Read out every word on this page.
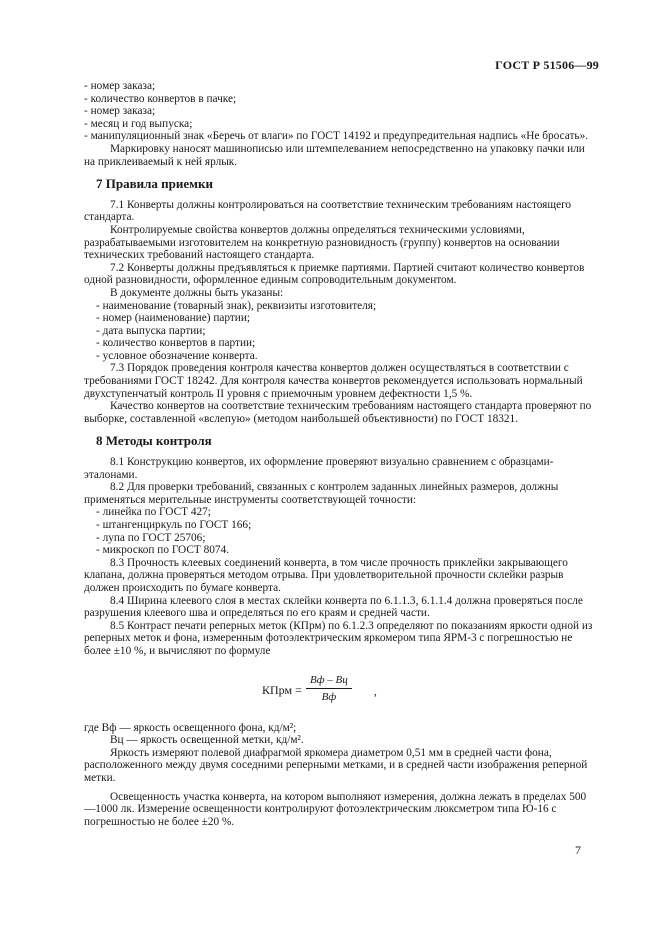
ГОСТ Р 51506—99

- номер заказа;

- количество конвертов в пачке;

- номер заказа;

- месяц и год выпуска;

- манипуляционный знак «Беречь от влаги» по ГОСТ 14192 и предупредительная надпись «Не бросать».

Маркировку наносят машинописью или штемпелеванием непосредственно на упаковку пачки или на приклеиваемый к ней ярлык.

7 Правила приемки

7.1 Конверты должны контролироваться на соответствие техническим требованиям настоящего стандарта.

Контролируемые свойства конвертов должны определяться техническими условиями, разрабатываемыми изготовителем на конкретную разновидность (группу) конвертов на основании технических требований настоящего стандарта.

7.2 Конверты должны предъявляться к приемке партиями. Партией считают количество конвертов одной разновидности, оформленное единым сопроводительным документом.

В документе должны быть указаны:

- наименование (товарный знак), реквизиты изготовителя;

- номер (наименование) партии;

- дата выпуска партии;

- количество конвертов в партии;

- условное обозначение конверта.

7.3 Порядок проведения контроля качества конвертов должен осуществляться в соответствии с требованиями ГОСТ 18242. Для контроля качества конвертов рекомендуется использовать нормальный двухступенчатый контроль II уровня с приемочным уровнем дефектности 1,5 %.

Качество конвертов на соответствие техническим требованиям настоящего стандарта проверяют по выборке, составленной «вслепую» (методом наибольшей объективности) по ГОСТ 18321.

8 Методы контроля

8.1 Конструкцию конвертов, их оформление проверяют визуально сравнением с образцами-эталонами.

8.2 Для проверки требований, связанных с контролем заданных линейных размеров, должны применяться мерительные инструменты соответствующей точности:

- линейка по ГОСТ 427;

- штангенциркуль по ГОСТ 166;

- лупа по ГОСТ 25706;

- микроскоп по ГОСТ 8074.

8.3 Прочность клеевых соединений конверта, в том числе прочность приклейки закрывающего клапана, должна проверяться методом отрыва. При удовлетворительной прочности склейки разрыв должен происходить по бумаге конверта.

8.4 Ширина клеевого слоя в местах склейки конверта по 6.1.1.3, 6.1.1.4 должна проверяться после разрушения клеевого шва и определяться по его краям и средней части.

8.5 Контраст печати реперных меток (КПрм) по 6.1.2.3 определяют по показаниям яркости одной из реперных меток и фона, измеренным фотоэлектрическим яркомером типа ЯРМ-3 с погрешностью не более ±10 %, и вычисляют по формуле

КПрм =
Bф – Bц
Bф	,

где Bф — яркость освещенного фона, кд/м²;

Bц — яркость освещенной метки, кд/м².

Яркость измеряют полевой диафрагмой яркомера диаметром 0,51 мм в средней части фона, расположенного между двумя соседними реперными метками, и в средней части изображения реперной метки.

Освещенность участка конверта, на котором выполняют измерения, должна лежать в пределах 500—1000 лк. Измерение освещенности контролируют фотоэлектрическим люксметром типа Ю-16 с погрешностью не более ±20 %.

7
